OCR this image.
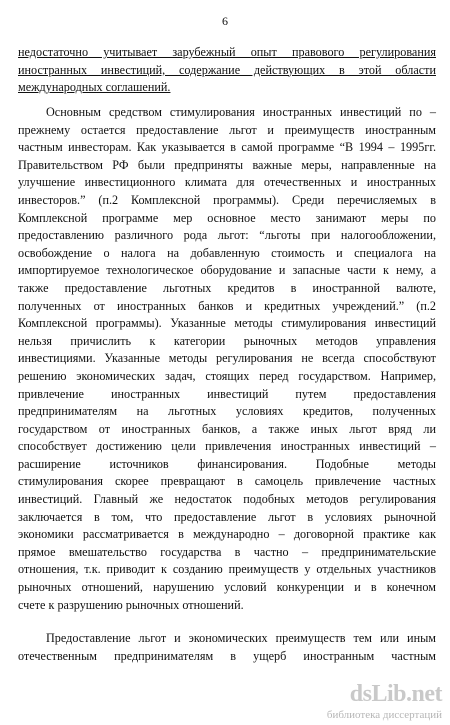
6
недостаточно учитывает зарубежный опыт правового регулирования
иностранных инвестиций, содержание действующих в этой области
международных соглашений.
Основным средством стимулирования иностранных инвестиций по –
прежнему остается предоставление льгот и преимуществ иностранным
частным инвесторам. Как указывается в самой программе “В 1994 – 1995гг.
Правительством РФ были предприняты важные меры, направленные на
улучшение инвестиционного климата для отечественных и иностранных
инвесторов.” (п.2 Комплексной программы). Среди перечисляемых в
Комплексной программе мер основное место занимают меры по
предоставлению различного рода льгот: “льготы при налогообложении,
освобождение о налога на добавленную стоимость и специалога на
импортируемое технологическое оборудование и запасные части к нему, а
также предоставление льготных кредитов в иностранной валюте,
полученных от иностранных банков и кредитных учреждений.” (п.2
Комплексной программы). Указанные методы стимулирования инвестиций
нельзя причислить к категории рыночных методов управления
инвестициями. Указанные методы регулирования не всегда способствуют
решению экономических задач, стоящих перед государством. Например,
привлечение иностранных инвестиций путем предоставления
предпринимателям на льготных условиях кредитов, полученных
государством от иностранных банков, а также иных льгот вряд ли
способствует достижению цели привлечения иностранных инвестиций –
расширение источников финансирования. Подобные методы
стимулирования скорее превращают в самоцель привлечение частных
инвестиций. Главный же недостаток подобных методов регулирования
заключается в том, что предоставление льгот в условиях рыночной
экономики рассматривается в международно – договорной практике как
прямое вмешательство государства в частно – предпринимательские
отношения, т.к. приводит к созданию преимуществ у отдельных участников
рыночных отношений, нарушению условий конкуренции и в конечном
счете к разрушению рыночных отношений.
Предоставление льгот и экономических преимуществ тем или иным
отечественным предпринимателям в ущерб иностранным частным
dsLib.net
библиотека диссертаций
